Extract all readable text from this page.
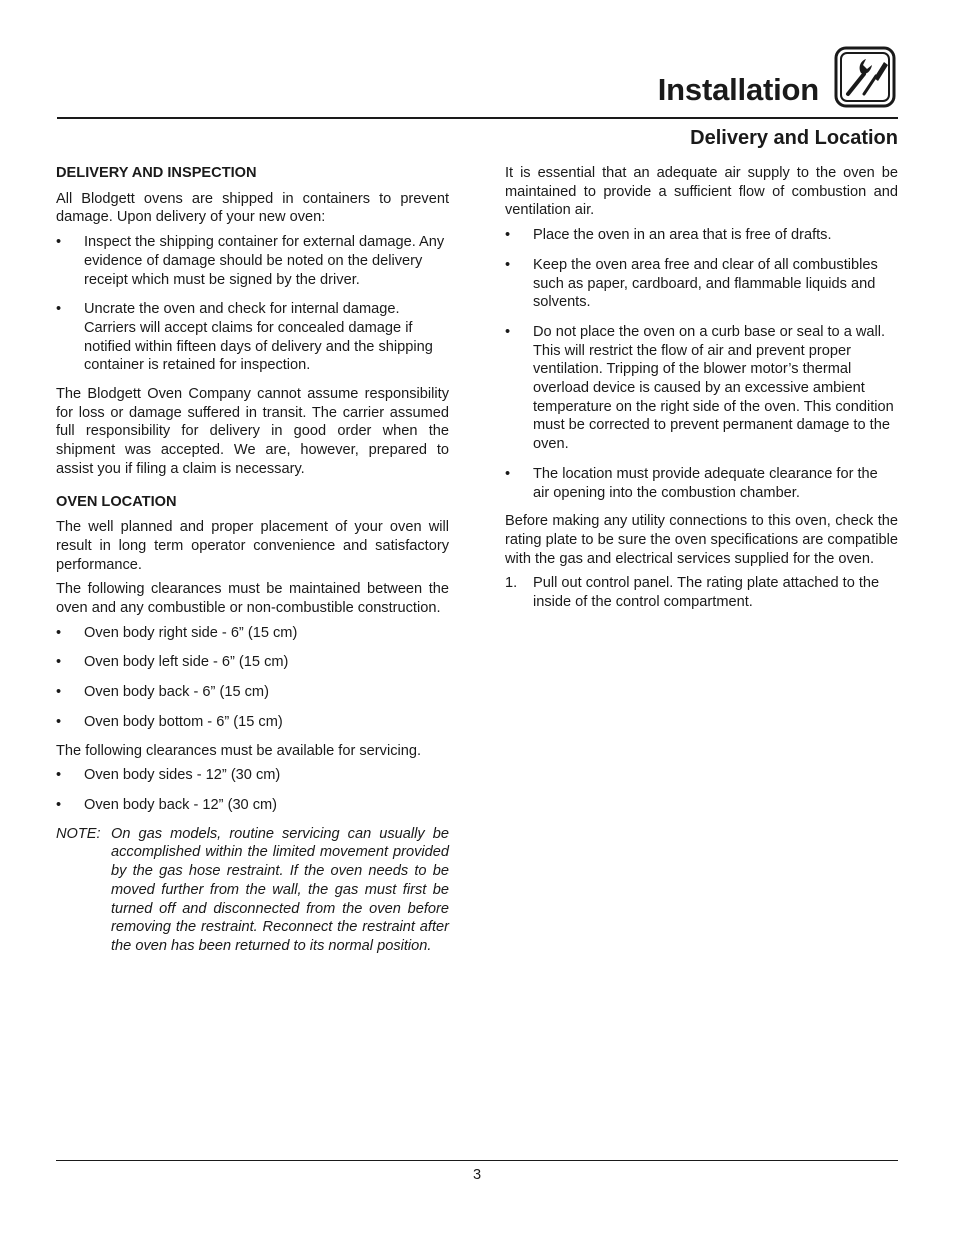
Installation
Delivery and Location
DELIVERY AND INSPECTION

All Blodgett ovens are shipped in containers to prevent damage. Upon delivery of your new oven:

• Inspect the shipping container for external damage. Any evidence of damage should be noted on the delivery receipt which must be signed by the driver.
• Uncrate the oven and check for internal damage. Carriers will accept claims for concealed damage if notified within fifteen days of delivery and the shipping container is retained for inspection.

The Blodgett Oven Company cannot assume responsibility for loss or damage suffered in transit. The carrier assumed full responsibility for delivery in good order when the shipment was accepted. We are, however, prepared to assist you if filing a claim is necessary.

OVEN LOCATION

The well planned and proper placement of your oven will result in long term operator convenience and satisfactory performance.

The following clearances must be maintained between the oven and any combustible or non-combustible construction.

• Oven body right side - 6” (15 cm)
• Oven body left side - 6” (15 cm)
• Oven body back - 6” (15 cm)
• Oven body bottom - 6” (15 cm)

The following clearances must be available for servicing.

• Oven body sides - 12” (30 cm)
• Oven body back - 12” (30 cm)
NOTE: On gas models, routine servicing can usually be accomplished within the limited movement provided by the gas hose restraint. If the oven needs to be moved further from the wall, the gas must first be turned off and disconnected from the oven before removing the restraint. Reconnect the restraint after the oven has been returned to its normal position.

It is essential that an adequate air supply to the oven be maintained to provide a sufficient flow of combustion and ventilation air.

• Place the oven in an area that is free of drafts.
• Keep the oven area free and clear of all combustibles such as paper, cardboard, and flammable liquids and solvents.
• Do not place the oven on a curb base or seal to a wall. This will restrict the flow of air and prevent proper ventilation. Tripping of the blower motor’s thermal overload device is caused by an excessive ambient temperature on the right side of the oven. This condition must be corrected to prevent permanent damage to the oven.
• The location must provide adequate clearance for the air opening into the combustion chamber.

Before making any utility connections to this oven, check the rating plate to be sure the oven specifications are compatible with the gas and electrical services supplied for the oven.

1. Pull out control panel. The rating plate attached to the inside of the control compartment.
3
